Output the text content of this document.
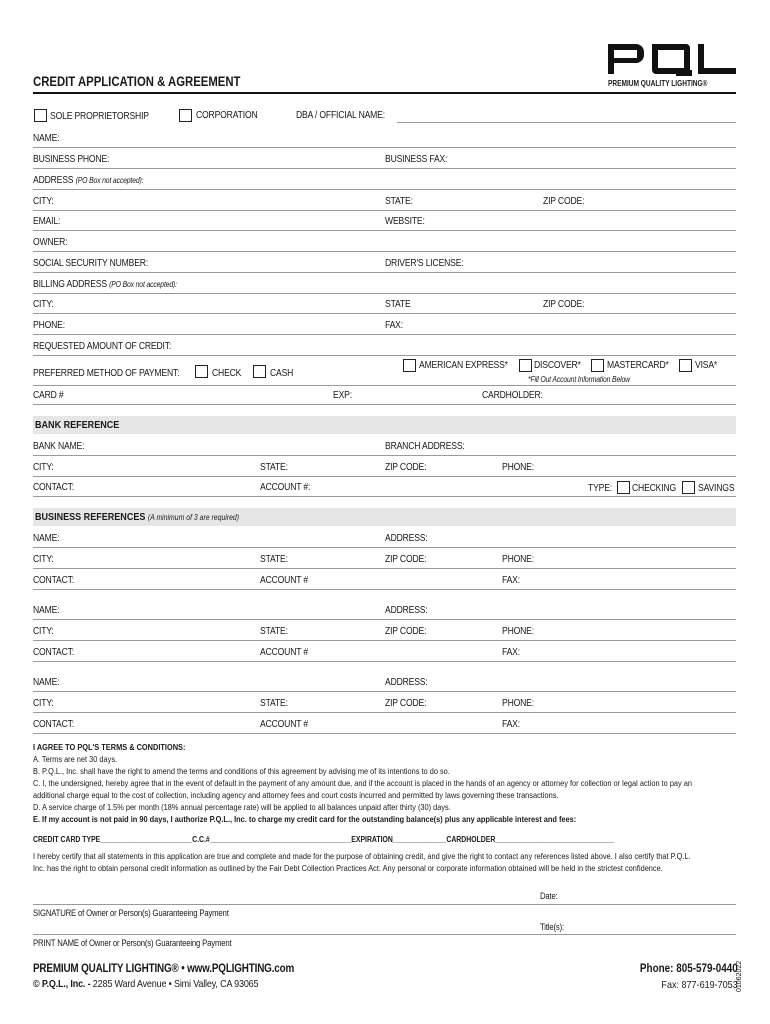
PREMIUM QUALITY LIGHTING®
CREDIT APPLICATION & AGREEMENT
SOLE PROPRIETORSHIP	CORPORATION	DBA / OFFICIAL NAME:
NAME:
BUSINESS PHONE:	BUSINESS FAX:
ADDRESS (PO Box not accepted):
CITY:	STATE:	ZIP CODE:
EMAIL:	WEBSITE:
OWNER:
SOCIAL SECURITY NUMBER:	DRIVER'S LICENSE:
BILLING ADDRESS (PO Box not accepted):
CITY:	STATE	ZIP CODE:
PHONE:	FAX:
REQUESTED AMOUNT OF CREDIT:
PREFERRED METHOD OF PAYMENT:	CHECK	CASH
AMERICAN EXPRESS*	DISCOVER*	MASTERCARD*	VISA*
*Fill Out Account Information Below
CARD #	EXP:	CARDHOLDER:
BANK REFERENCE
BANK NAME:	BRANCH ADDRESS:
CITY:	STATE:	ZIP CODE:	PHONE:
CONTACT:	ACCOUNT #:	TYPE: CHECKING SAVINGS
BUSINESS REFERENCES (A minimum of 3 are required)
NAME:	ADDRESS:
CITY:	STATE:	ZIP CODE:	PHONE:
CONTACT:	ACCOUNT #	FAX:
NAME:	ADDRESS:
CITY:	STATE:	ZIP CODE:	PHONE:
CONTACT:	ACCOUNT #	FAX:
NAME:	ADDRESS:
CITY:	STATE:	ZIP CODE:	PHONE:
CONTACT:	ACCOUNT #	FAX:
I AGREE TO PQL'S TERMS & CONDITIONS:
A. Terms are net 30 days.
B. P.Q.L., Inc. shall have the right to amend the terms and conditions of this agreement by advising me of its intentions to do so.
C. I, the undersigned, hereby agree that in the event of default in the payment of any amount due, and if the account is placed in the hands of an agency or attorney for collection or legal action to pay an
additional charge equal to the cost of collection, including agency and attorney fees and court costs incurred and permitted by laws governing these transactions.
D. A service charge of 1.5% per month (18% annual percentage rate) will be applied to all balances unpaid after thirty (30) days.
E. If my account is not paid in 90 days, I authorize P.Q.L., Inc. to charge my credit card for the outstanding balance(s) plus any applicable interest and fees:
CREDIT CARD TYPE________________________C.C.#_____________________________________EXPIRATION______________CARDHOLDER_______________________________
I hereby certify that all statements in this application are true and complete and made for the purpose of obtaining credit, and give the right to contact any references listed above. I also certify that P.Q.L.
Inc. has the right to obtain personal credit information as outlined by the Fair Debt Collection Practices Act. Any personal or corporate information obtained will be held in the strictest confidence.
Date:
SIGNATURE of Owner or Person(s) Guaranteeing Payment
Title(s):
PRINT NAME of Owner or Person(s) Guaranteeing Payment
PREMIUM QUALITY LIGHTING® • www.PQLIGHTING.com
© P.Q.L., Inc. - 2285 Ward Avenue • Simi Valley, CA 93065
Phone: 805-579-0440
Fax: 877-619-7053
01062022
